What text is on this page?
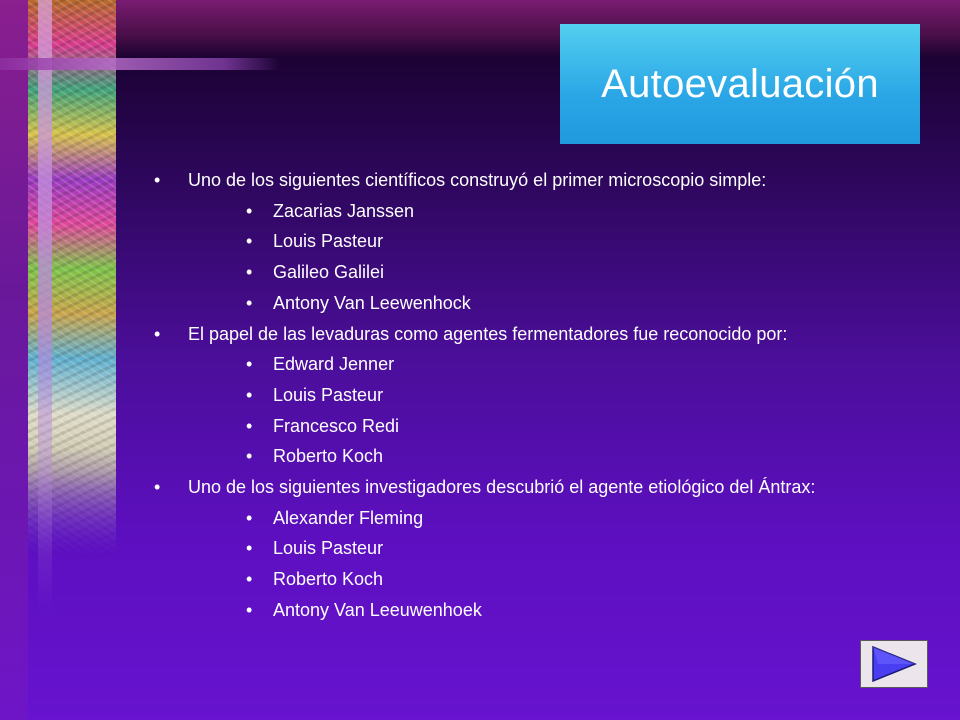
Autoevaluación
• Uno de los siguientes científicos construyó el primer microscopio simple:
• Zacarias Janssen
• Louis Pasteur
• Galileo Galilei
• Antony Van Leewenhock
• El papel de las levaduras como agentes fermentadores fue reconocido por:
• Edward Jenner
• Louis Pasteur
• Francesco Redi
• Roberto Koch
• Uno de los siguientes investigadores descubrió el agente etiológico del Ántrax:
• Alexander Fleming
• Louis Pasteur
• Roberto Koch
• Antony Van Leeuwenhoek
